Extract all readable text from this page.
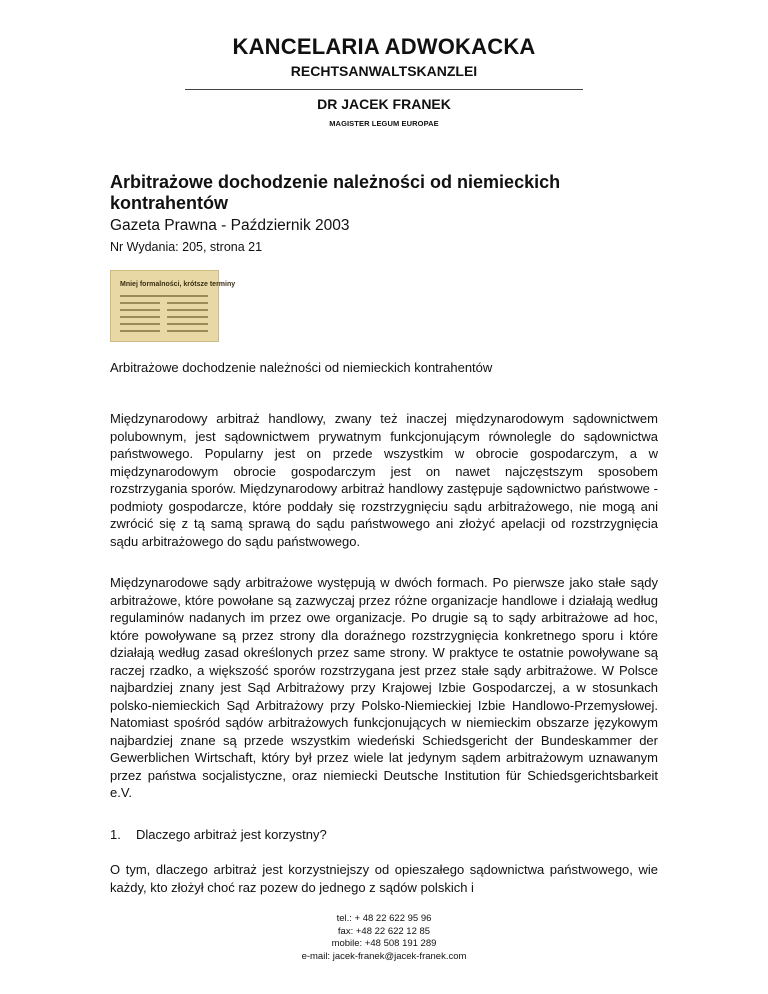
KANCELARIA ADWOKACKA
RECHTSANWALTSKANZLEI
DR JACEK FRANEK
MAGISTER LEGUM EUROPAE
Arbitrażowe dochodzenie należności od niemieckich kontrahentów
Gazeta Prawna - Październik 2003
Nr Wydania: 205, strona 21
Mniej formalności, krótsze terminy
Arbitrażowe dochodzenie należności od niemieckich kontrahentów

Międzynarodowy arbitraż handlowy, zwany też inaczej międzynarodowym sądownictwem polubownym, jest sądownictwem prywatnym funkcjonującym równolegle do sądownictwa państwowego. Popularny jest on przede wszystkim w obrocie gospodarczym, a w międzynarodowym obrocie gospodarczym jest on nawet najczęstszym sposobem rozstrzygania sporów. Międzynarodowy arbitraż handlowy zastępuje sądownictwo państwowe - podmioty gospodarcze, które poddały się rozstrzygnięciu sądu arbitrażowego, nie mogą ani zwrócić się z tą samą sprawą do sądu państwowego ani złożyć apelacji od rozstrzygnięcia sądu arbitrażowego do sądu państwowego.

Międzynarodowe sądy arbitrażowe występują w dwóch formach. Po pierwsze jako stałe sądy arbitrażowe, które powołane są zazwyczaj przez różne organizacje handlowe i działają według regulaminów nadanych im przez owe organizacje. Po drugie są to sądy arbitrażowe ad hoc, które powoływane są przez strony dla doraźnego rozstrzygnięcia konkretnego sporu i które działają według zasad określonych przez same strony. W praktyce te ostatnie powoływane są raczej rzadko, a większość sporów rozstrzygana jest przez stałe sądy arbitrażowe. W Polsce najbardziej znany jest Sąd Arbitrażowy przy Krajowej Izbie Gospodarczej, a w stosunkach polsko-niemieckich Sąd Arbitrażowy przy Polsko-Niemieckiej Izbie Handlowo-Przemysłowej. Natomiast spośród sądów arbitrażowych funkcjonujących w niemieckim obszarze językowym najbardziej znane są przede wszystkim wiedeński Schiedsgericht der Bundeskammer der Gewerblichen Wirtschaft, który był przez wiele lat jedynym sądem arbitrażowym uznawanym przez państwa socjalistyczne, oraz niemiecki Deutsche Institution für Schiedsgerichtsbarkeit e.V.

1. Dlaczego arbitraż jest korzystny?

O tym, dlaczego arbitraż jest korzystniejszy od opieszałego sądownictwa państwowego, wie każdy, kto złożył choć raz pozew do jednego z sądów polskich i

tel.: + 48 22 622 95 96
fax: +48 22 622 12 85
mobile: +48 508 191 289
e-mail: jacek-franek@jacek-franek.com
